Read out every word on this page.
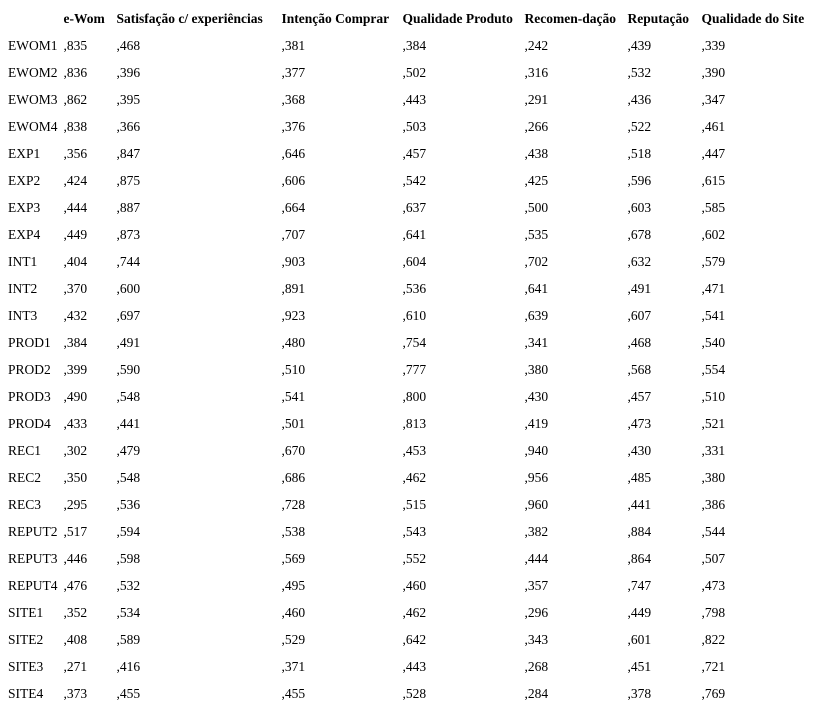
	e-Wom	Satisfação c/ experiências	Intenção Comprar	Qualidade Produto	Recomen-dação	Reputação	Qualidade do Site
EWOM1	,835	,468	,381	,384	,242	,439	,339
EWOM2	,836	,396	,377	,502	,316	,532	,390
EWOM3	,862	,395	,368	,443	,291	,436	,347
EWOM4	,838	,366	,376	,503	,266	,522	,461
EXP1	,356	,847	,646	,457	,438	,518	,447
EXP2	,424	,875	,606	,542	,425	,596	,615
EXP3	,444	,887	,664	,637	,500	,603	,585
EXP4	,449	,873	,707	,641	,535	,678	,602
INT1	,404	,744	,903	,604	,702	,632	,579
INT2	,370	,600	,891	,536	,641	,491	,471
INT3	,432	,697	,923	,610	,639	,607	,541
PROD1	,384	,491	,480	,754	,341	,468	,540
PROD2	,399	,590	,510	,777	,380	,568	,554
PROD3	,490	,548	,541	,800	,430	,457	,510
PROD4	,433	,441	,501	,813	,419	,473	,521
REC1	,302	,479	,670	,453	,940	,430	,331
REC2	,350	,548	,686	,462	,956	,485	,380
REC3	,295	,536	,728	,515	,960	,441	,386
REPUT2	,517	,594	,538	,543	,382	,884	,544
REPUT3	,446	,598	,569	,552	,444	,864	,507
REPUT4	,476	,532	,495	,460	,357	,747	,473
SITE1	,352	,534	,460	,462	,296	,449	,798
SITE2	,408	,589	,529	,642	,343	,601	,822
SITE3	,271	,416	,371	,443	,268	,451	,721
SITE4	,373	,455	,455	,528	,284	,378	,769
